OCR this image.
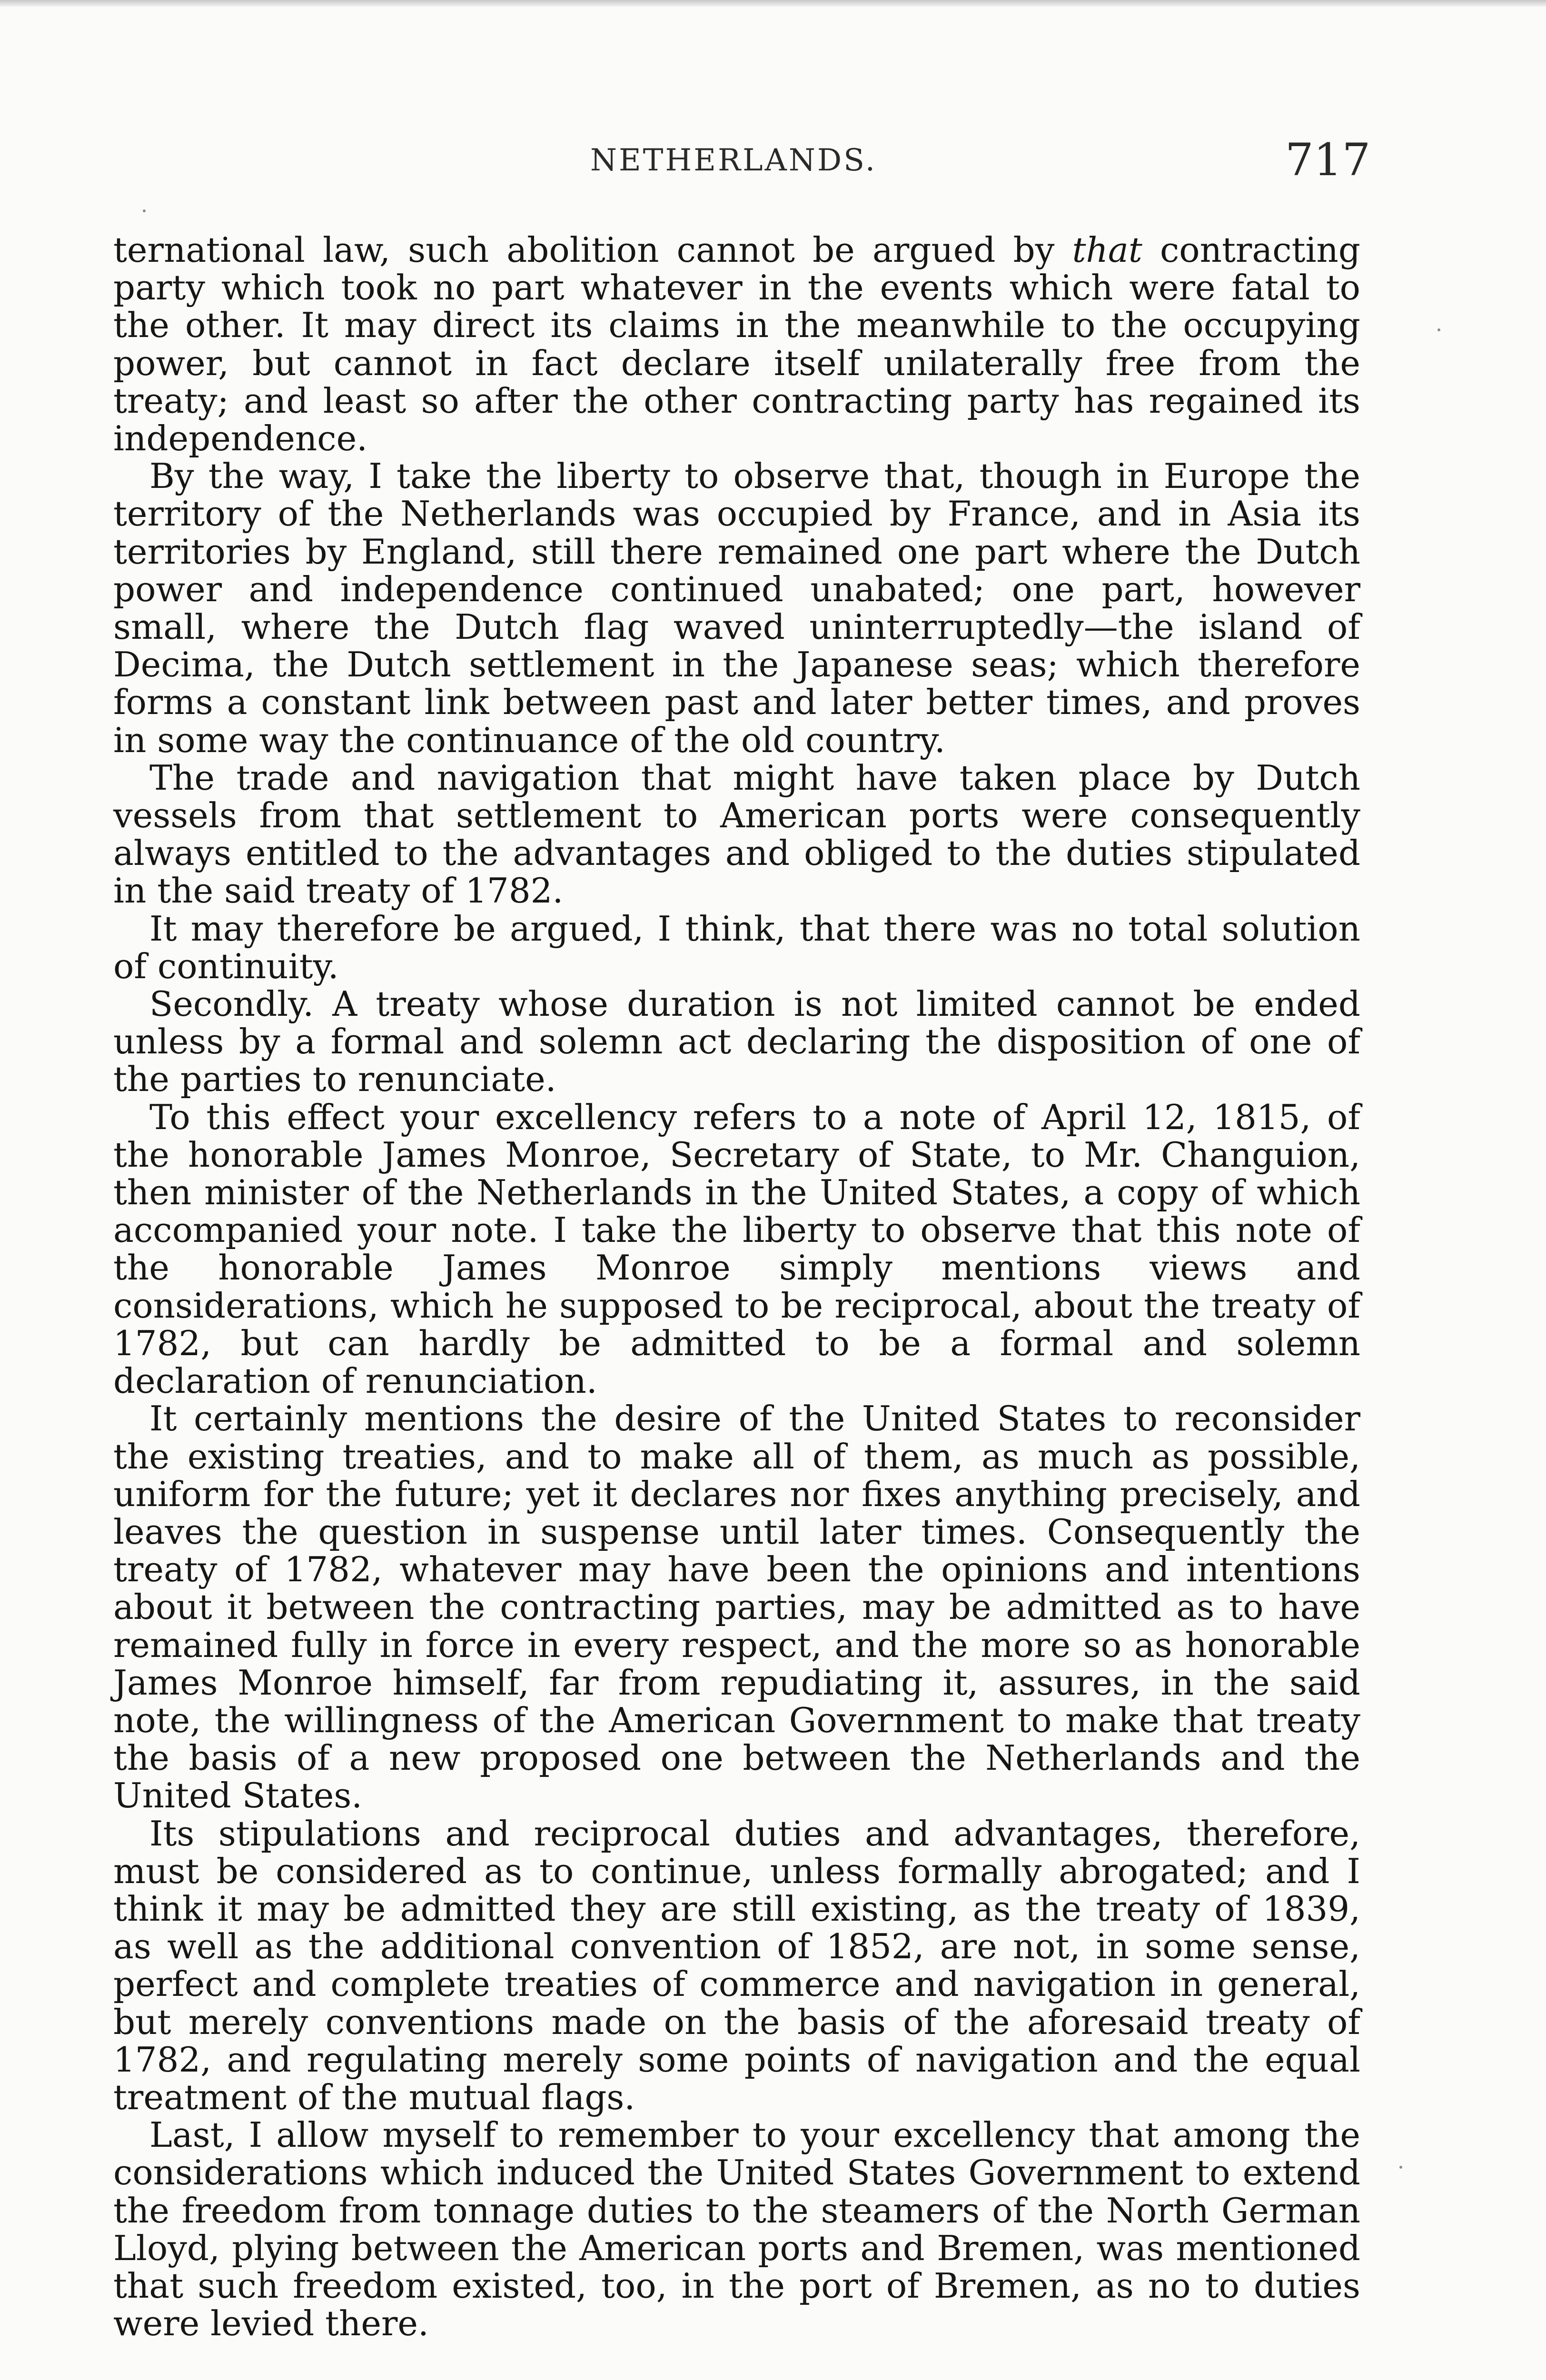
NETHERLANDS.	717

ternational law, such abolition cannot be argued by that contracting party which took no part whatever in the events which were fatal to the other. It may direct its claims in the meanwhile to the occupying power, but cannot in fact declare itself unilaterally free from the treaty; and least so after the other contracting party has regained its independence.

By the way, I take the liberty to observe that, though in Europe the territory of the Netherlands was occupied by France, and in Asia its territories by England, still there remained one part where the Dutch power and independence continued unabated; one part, however small, where the Dutch flag waved uninterruptedly—the island of Decima, the Dutch settlement in the Japanese seas; which therefore forms a constant link between past and later better times, and proves in some way the continuance of the old country.

The trade and navigation that might have taken place by Dutch vessels from that settlement to American ports were consequently always entitled to the advantages and obliged to the duties stipulated in the said treaty of 1782.

It may therefore be argued, I think, that there was no total solution of continuity.

Secondly. A treaty whose duration is not limited cannot be ended unless by a formal and solemn act declaring the disposition of one of the parties to renunciate.

To this effect your excellency refers to a note of April 12, 1815, of the honorable James Monroe, Secretary of State, to Mr. Changuion, then minister of the Netherlands in the United States, a copy of which accompanied your note. I take the liberty to observe that this note of the honorable James Monroe simply mentions views and considerations, which he supposed to be reciprocal, about the treaty of 1782, but can hardly be admitted to be a formal and solemn declaration of renunciation.

It certainly mentions the desire of the United States to reconsider the existing treaties, and to make all of them, as much as possible, uniform for the future; yet it declares nor fixes anything precisely, and leaves the question in suspense until later times. Consequently the treaty of 1782, whatever may have been the opinions and intentions about it between the contracting parties, may be admitted as to have remained fully in force in every respect, and the more so as honorable James Monroe himself, far from repudiating it, assures, in the said note, the willingness of the American Government to make that treaty the basis of a new proposed one between the Netherlands and the United States.

Its stipulations and reciprocal duties and advantages, therefore, must be considered as to continue, unless formally abrogated; and I think it may be admitted they are still existing, as the treaty of 1839, as well as the additional convention of 1852, are not, in some sense, perfect and complete treaties of commerce and navigation in general, but merely conventions made on the basis of the aforesaid treaty of 1782, and regulating merely some points of navigation and the equal treatment of the mutual flags.

Last, I allow myself to remember to your excellency that among the considerations which induced the United States Government to extend the freedom from tonnage duties to the steamers of the North German Lloyd, plying between the American ports and Bremen, was mentioned that such freedom existed, too, in the port of Bremen, as no to duties were levied there.
